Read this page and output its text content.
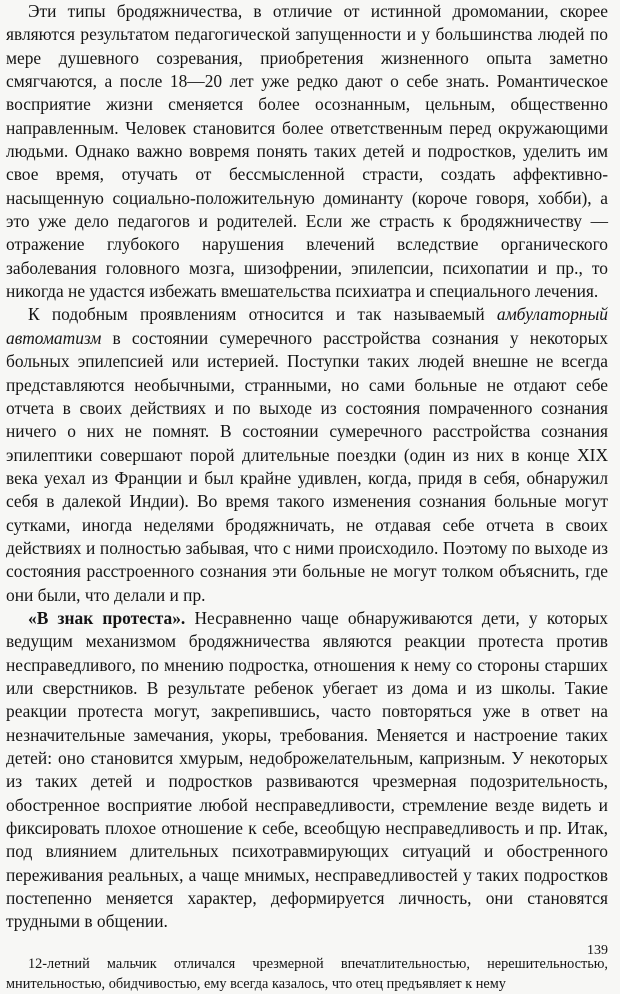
Эти типы бродяжничества, в отличие от истинной дромомании, скорее являются результатом педагогической запущенности и у большинства людей по мере душевного созревания, приобретения жизненного опыта заметно смягчаются, а после 18—20 лет уже редко дают о себе знать. Романтическое восприятие жизни сменяется более осознанным, цельным, общественно направленным. Человек становится более ответственным перед окружающими людьми. Однако важно вовремя понять таких детей и подростков, уделить им свое время, отучать от бессмысленной страсти, создать аффективно-насыщенную социально-положительную доминанту (короче говоря, хобби), а это уже дело педагогов и родителей. Если же страсть к бродяжничеству — отражение глубокого нарушения влечений вследствие органического заболевания головного мозга, шизофрении, эпилепсии, психопатии и пр., то никогда не удастся избежать вмешательства психиатра и специального лечения.

К подобным проявлениям относится и так называемый амбулаторный автоматизм в состоянии сумеречного расстройства сознания у некоторых больных эпилепсией или истерией. Поступки таких людей внешне не всегда представляются необычными, странными, но сами больные не отдают себе отчета в своих действиях и по выходе из состояния помраченного сознания ничего о них не помнят. В состоянии сумеречного расстройства сознания эпилептики совершают порой длительные поездки (один из них в конце XIX века уехал из Франции и был крайне удивлен, когда, придя в себя, обнаружил себя в далекой Индии). Во время такого изменения сознания больные могут сутками, иногда неделями бродяжничать, не отдавая себе отчета в своих действиях и полностью забывая, что с ними происходило. Поэтому по выходе из состояния расстроенного сознания эти больные не могут толком объяснить, где они были, что делали и пр.

«В знак протеста». Несравненно чаще обнаруживаются дети, у которых ведущим механизмом бродяжничества являются реакции протеста против несправедливого, по мнению подростка, отношения к нему со стороны старших или сверстников. В результате ребенок убегает из дома и из школы. Такие реакции протеста могут, закрепившись, часто повторяться уже в ответ на незначительные замечания, укоры, требования. Меняется и настроение таких детей: оно становится хмурым, недоброжелательным, капризным. У некоторых из таких детей и подростков развиваются чрезмерная подозрительность, обостренное восприятие любой несправедливости, стремление везде видеть и фиксировать плохое отношение к себе, всеобщую несправедливость и пр. Итак, под влиянием длительных психотравмирующих ситуаций и обостренного переживания реальных, а чаще мнимых, несправедливостей у таких подростков постепенно меняется характер, деформируется личность, они становятся трудными в общении.

12-летний мальчик отличался чрезмерной впечатлительностью, нерешительностью, мнительностью, обидчивостью, ему всегда казалось, что отец предъявляет к нему

139
